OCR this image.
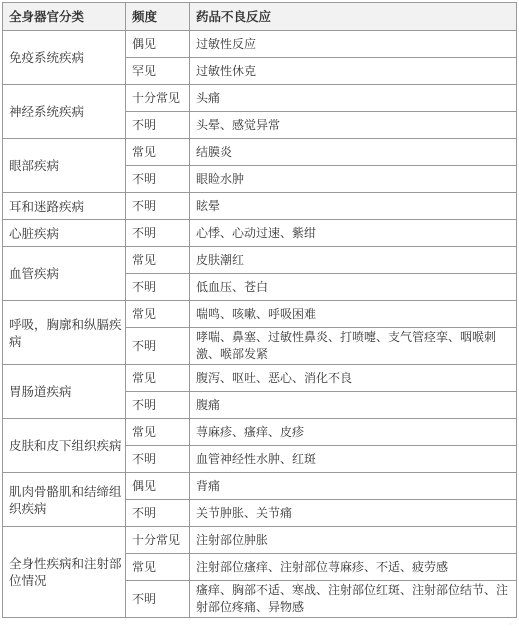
全身器官分类	频度	药品不良反应
免疫系统疾病	偶见	过敏性反应
	罕见	过敏性休克
神经系统疾病	十分常见	头痛
	不明	头晕、感觉异常
眼部疾病	常见	结膜炎
	不明	眼睑水肿
耳和迷路疾病	不明	眩晕
心脏疾病	不明	心悸、心动过速、紫绀
血管疾病	常见	皮肤潮红
	不明	低血压、苍白
呼吸，胸廓和纵膈疾病	常见	喘鸣、咳嗽、呼吸困难
	不明	哮喘、鼻塞、过敏性鼻炎、打喷嚏、支气管痉挛、咽喉刺激、喉部发紧
胃肠道疾病	常见	腹泻、呕吐、恶心、消化不良
	不明	腹痛
皮肤和皮下组织疾病	常见	荨麻疹、瘙痒、皮疹
	不明	血管神经性水肿、红斑
肌肉骨骼肌和结缔组织疾病	偶见	背痛
	不明	关节肿胀、关节痛
全身性疾病和注射部位情况	十分常见	注射部位肿胀
	常见	注射部位瘙痒、注射部位荨麻疹、不适、疲劳感
	不明	瘙痒、胸部不适、寒战、注射部位红斑、注射部位结节、注射部位疼痛、异物感
·
